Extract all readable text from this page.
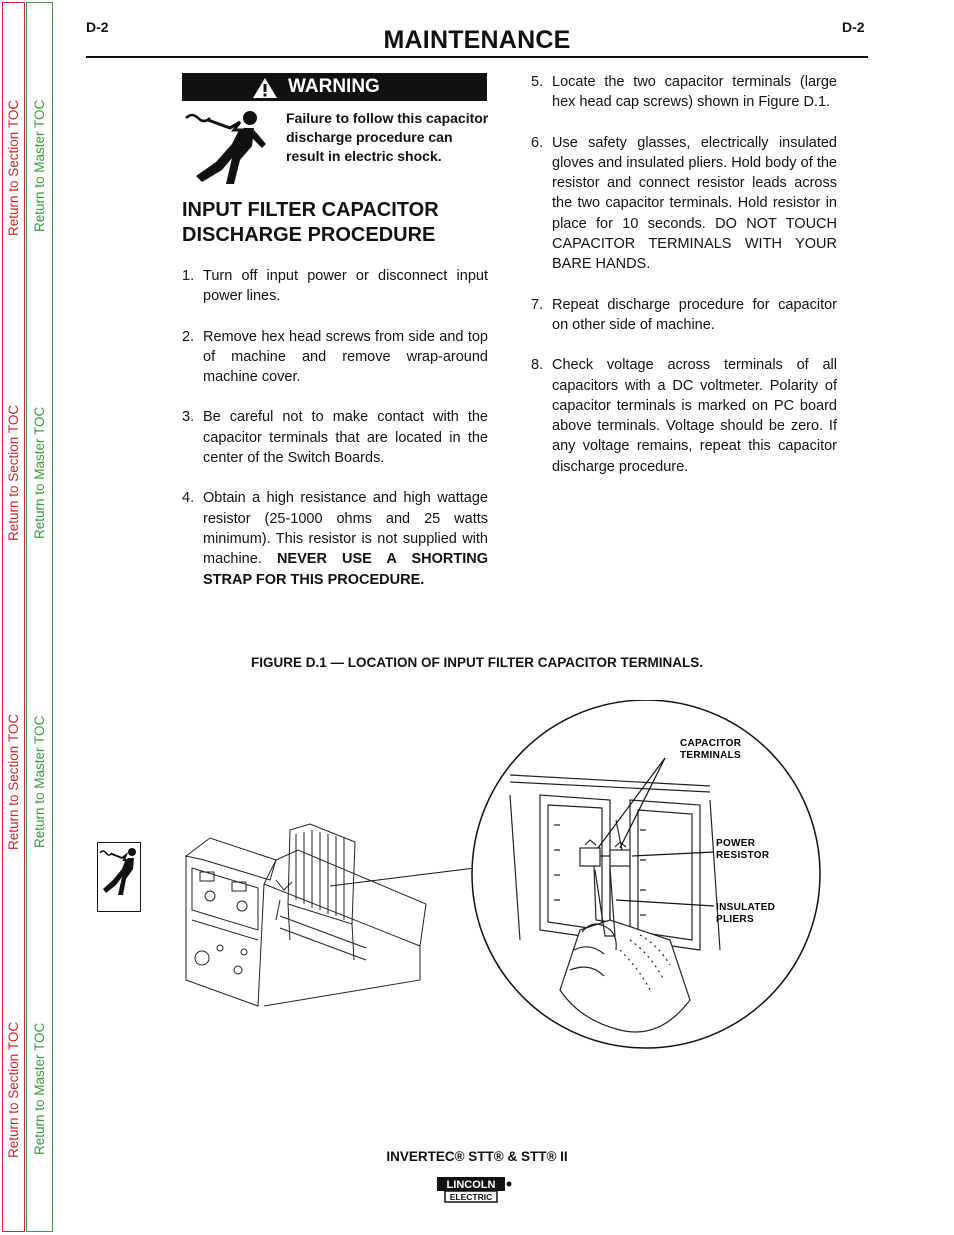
Return to Section TOC Return to Master TOC
Return to Section TOC Return to Master TOC
Return to Section TOC Return to Master TOC
Return to Section TOC Return to Master TOC
D-2	D-2
MAINTENANCE
WARNING
Failure to follow this capacitor discharge procedure can result in electric shock.
INPUT FILTER CAPACITOR
DISCHARGE PROCEDURE
1. Turn off input power or disconnect input power lines.
2. Remove hex head screws from side and top of machine and remove wrap-around machine cover.
3. Be careful not to make contact with the capacitor terminals that are located in the center of the Switch Boards.
4. Obtain a high resistance and high wattage resistor (25-1000 ohms and 25 watts minimum). This resistor is not supplied with machine. NEVER USE A SHORTING STRAP FOR THIS PROCEDURE.
5. Locate the two capacitor terminals (large hex head cap screws) shown in Figure D.1.
6. Use safety glasses, electrically insulated gloves and insulated pliers. Hold body of the resistor and connect resistor leads across the two capacitor terminals. Hold resistor in place for 10 seconds. DO NOT TOUCH CAPACITOR TERMINALS WITH YOUR BARE HANDS.
7. Repeat discharge procedure for capacitor on other side of machine.
8. Check voltage across terminals of all capacitors with a DC voltmeter. Polarity of capacitor terminals is marked on PC board above terminals. Voltage should be zero. If any voltage remains, repeat this capacitor discharge procedure.
FIGURE D.1 — LOCATION OF INPUT FILTER CAPACITOR TERMINALS.
CAPACITOR
TERMINALS
POWER
RESISTOR
INSULATED
PLIERS
INVERTEC® STT® & STT® II
LINCOLN
ELECTRIC
